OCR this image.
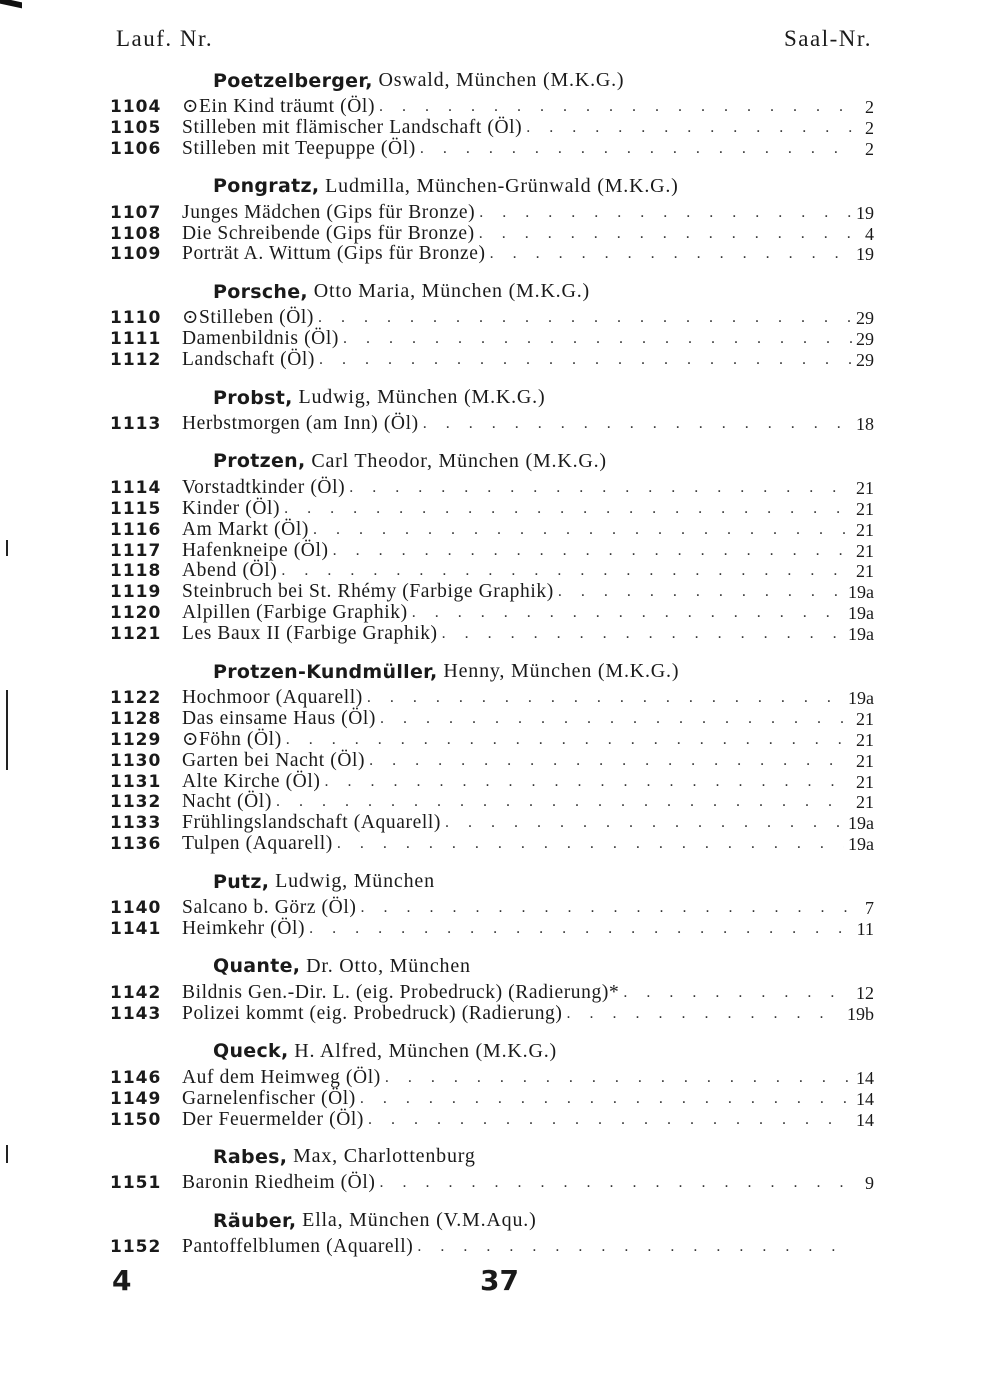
Lauf. Nr.	Saal-Nr.
Poetzelberger, Oswald, München (M.K.G.)
1104	⊙Ein Kind träumt (Öl) . . .	2
1105	Stilleben mit flämischer Landschaft (Öl) . . .	2
1106	Stilleben mit Teepuppe (Öl) . . .	2
Pongratz, Ludmilla, München-Grünwald (M.K.G.)
1107	Junges Mädchen (Gips für Bronze) . . .	19
1108	Die Schreibende (Gips für Bronze) . . .	4
1109	Porträt A. Wittum (Gips für Bronze) . . .	19
Porsche, Otto Maria, München (M.K.G.)
1110	⊙Stilleben (Öl) . . .	29
1111	Damenbildnis (Öl) . . .	29
1112	Landschaft (Öl) . . .	29
Probst, Ludwig, München (M.K.G.)
1113	Herbstmorgen (am Inn) (Öl) . . .	18
Protzen, Carl Theodor, München (M.K.G.)
1114	Vorstadtkinder (Öl) . . .	21
1115	Kinder (Öl) . . .	21
1116	Am Markt (Öl) . . .	21
1117	Hafenkneipe (Öl) . . .	21
1118	Abend (Öl) . . .	21
1119	Steinbruch bei St. Rhémy (Farbige Graphik) . . .	19a
1120	Alpillen (Farbige Graphik) . . .	19a
1121	Les Baux II (Farbige Graphik) . . .	19a
Protzen-Kundmüller, Henny, München (M.K.G.)
1122	Hochmoor (Aquarell) . . .	19a
1128	Das einsame Haus (Öl) . . .	21
1129	⊙Föhn (Öl) . . .	21
1130	Garten bei Nacht (Öl) . . .	21
1131	Alte Kirche (Öl) . . .	21
1132	Nacht (Öl) . . .	21
1133	Frühlingslandschaft (Aquarell) . . .	19a
1136	Tulpen (Aquarell) . . .	19a
Putz, Ludwig, München
1140	Salcano b. Görz (Öl) . . .	7
1141	Heimkehr (Öl) . . .	11
Quante, Dr. Otto, München
1142	Bildnis Gen.-Dir. L. (eig. Probedruck) (Radierung)* . . .	12
1143	Polizei kommt (eig. Probedruck) (Radierung) . . .	19b
Queck, H. Alfred, München (M.K.G.)
1146	Auf dem Heimweg (Öl) . . .	14
1149	Garnelenfischer (Öl) . . .	14
1150	Der Feuermelder (Öl) . . .	14
Rabes, Max, Charlottenburg
1151	Baronin Riedheim (Öl) . . .	9
Räuber, Ella, München (V.M.Aqu.)
1152	Pantoffelblumen (Aquarell)
. . .
4	37
